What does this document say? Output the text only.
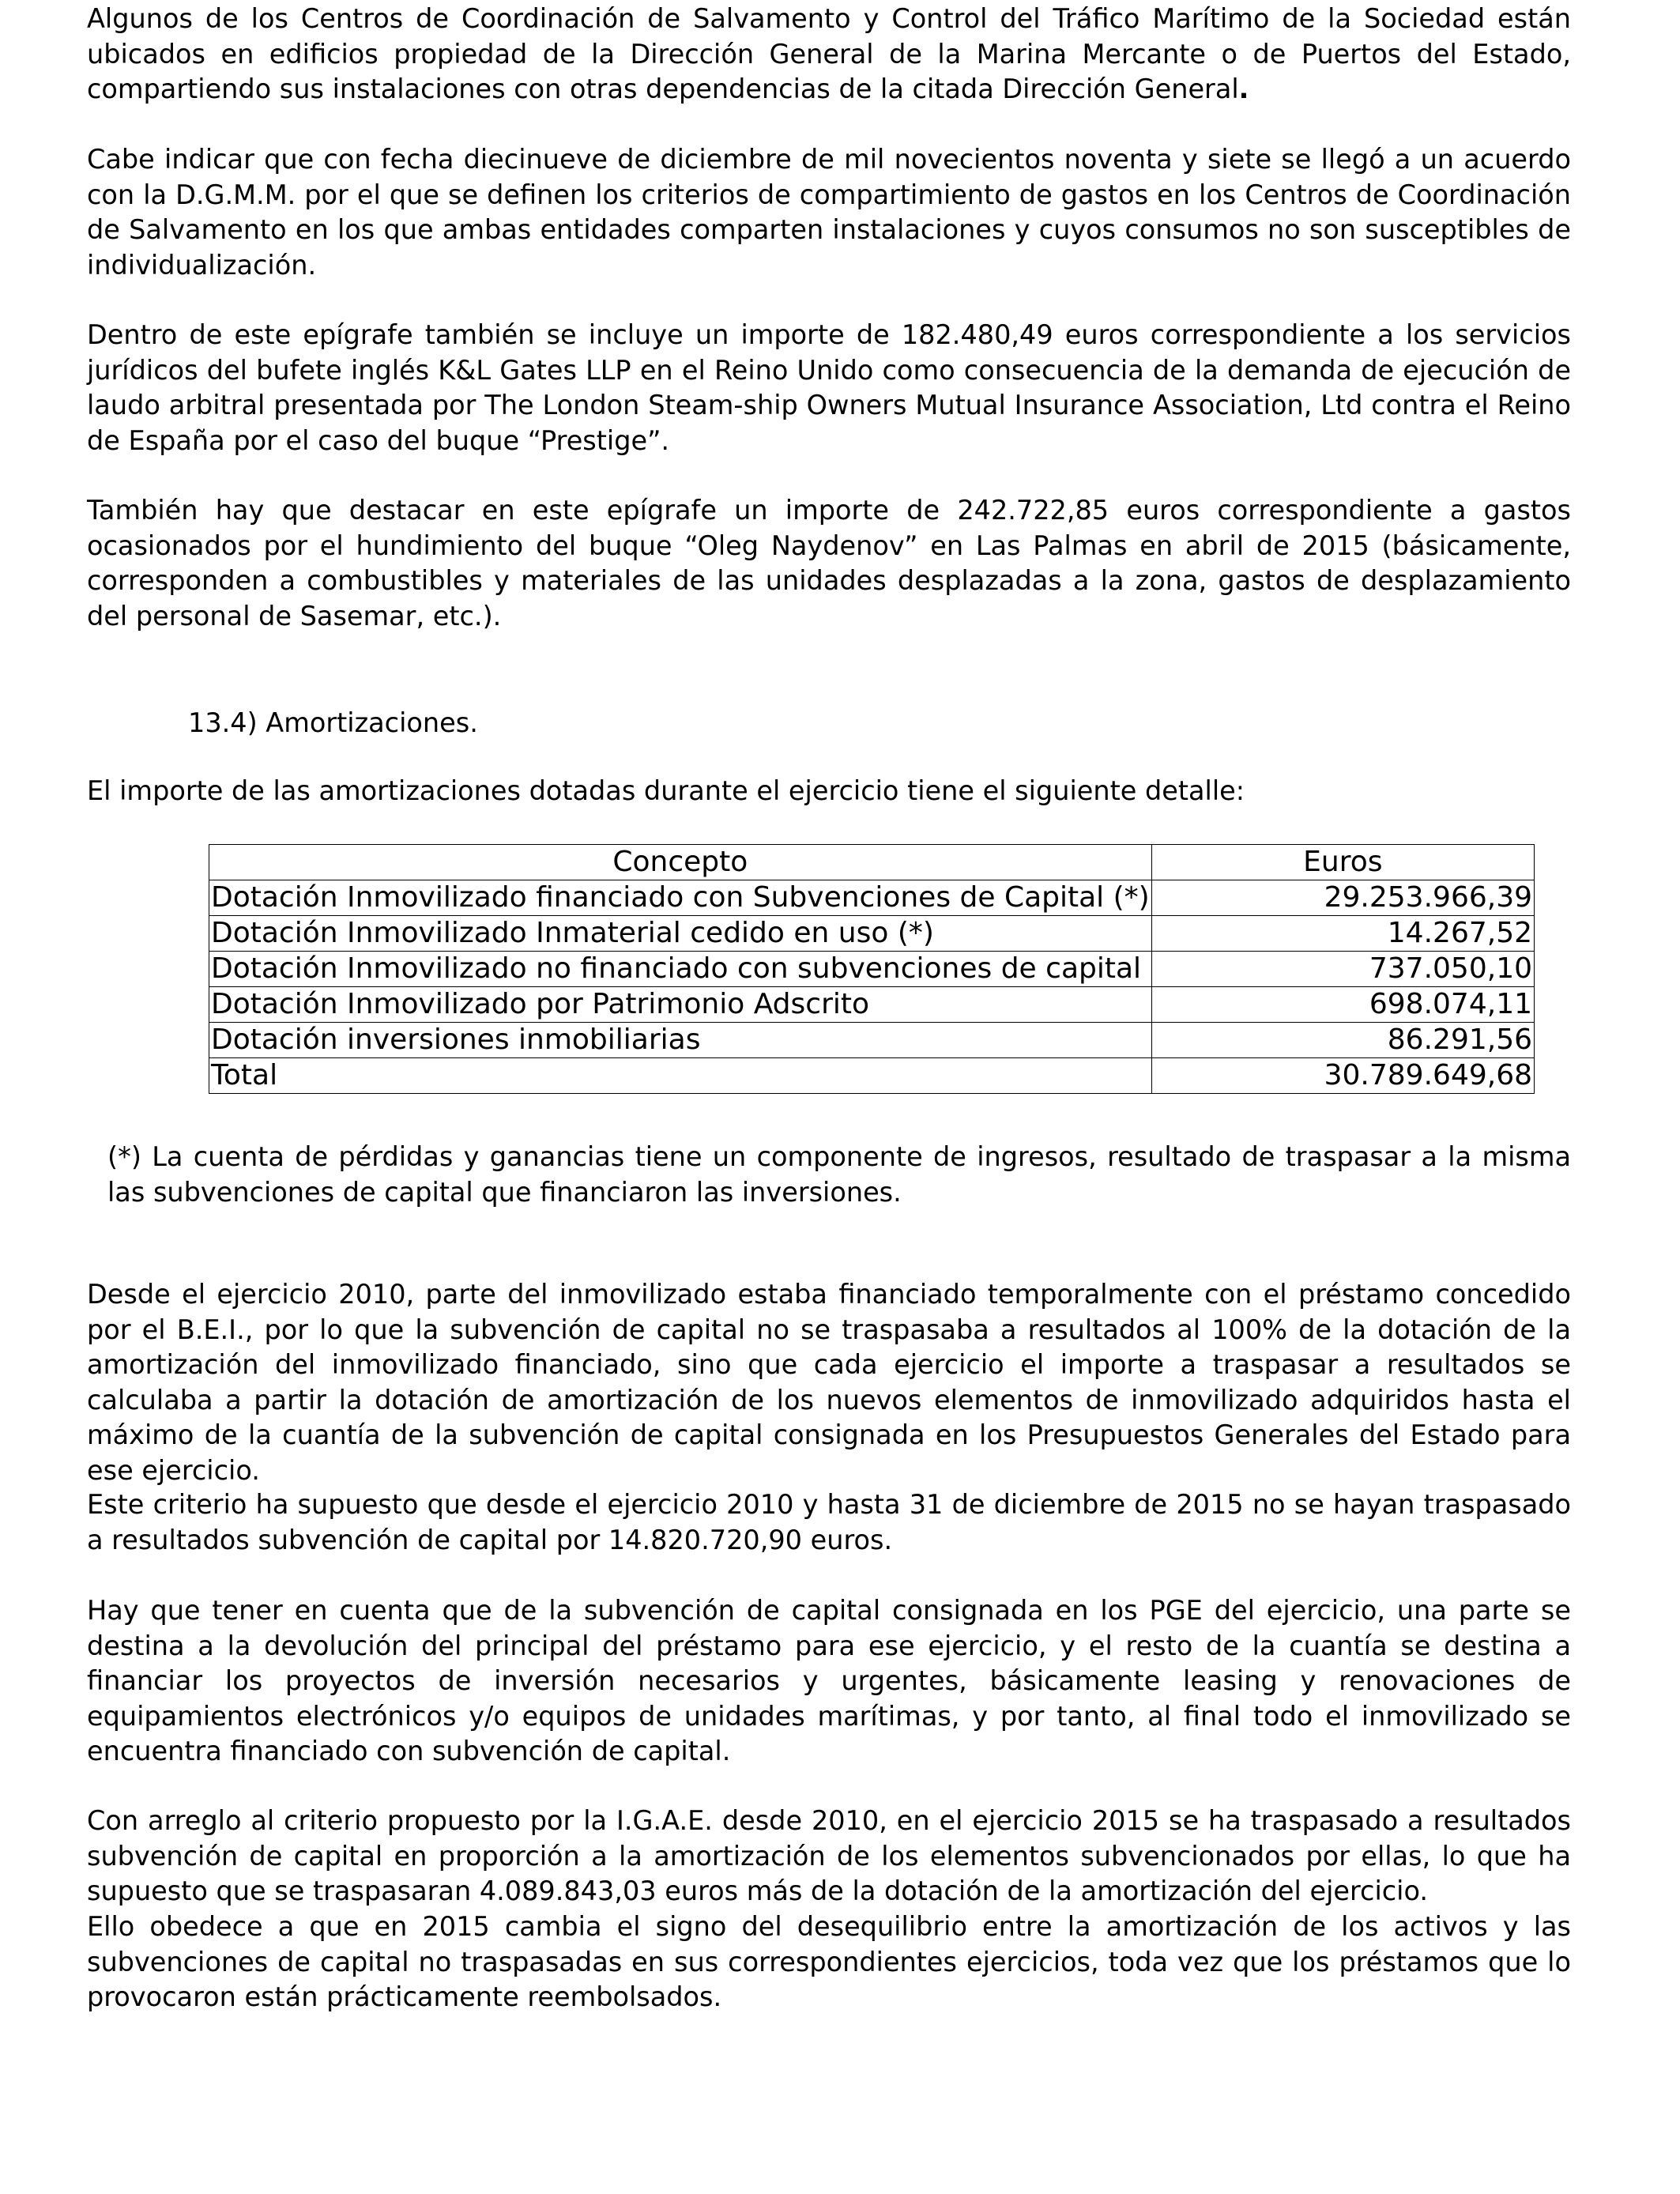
Algunos de los Centros de Coordinación de Salvamento y Control del Tráfico Marítimo de la Sociedad están ubicados en edificios propiedad de la Dirección General de la Marina Mercante o de Puertos del Estado, compartiendo sus instalaciones con otras dependencias de la citada Dirección General.

Cabe indicar que con fecha diecinueve de diciembre de mil novecientos noventa y siete se llegó a un acuerdo con la D.G.M.M. por el que se definen los criterios de compartimiento de gastos en los Centros de Coordinación de Salvamento en los que ambas entidades comparten instalaciones y cuyos consumos no son susceptibles de individualización.

Dentro de este epígrafe también se incluye un importe de 182.480,49 euros correspondiente a los servicios jurídicos del bufete inglés K&L Gates LLP en el Reino Unido como consecuencia de la demanda de ejecución de laudo arbitral presentada por The London Steam-ship Owners Mutual Insurance Association, Ltd contra el Reino de España por el caso del buque “Prestige”.

También hay que destacar en este epígrafe un importe de 242.722,85 euros correspondiente a gastos ocasionados por el hundimiento del buque “Oleg Naydenov” en Las Palmas en abril de 2015 (básicamente, corresponden a combustibles y materiales de las unidades desplazadas a la zona, gastos de desplazamiento del personal de Sasemar, etc.).

13.4) Amortizaciones.

El importe de las amortizaciones dotadas durante el ejercicio tiene el siguiente detalle:

Concepto	Euros
Dotación Inmovilizado financiado con Subvenciones de Capital (*)	29.253.966,39
Dotación Inmovilizado Inmaterial cedido en uso (*)	14.267,52
Dotación Inmovilizado no financiado con subvenciones de capital	737.050,10
Dotación Inmovilizado por Patrimonio Adscrito	698.074,11
Dotación inversiones inmobiliarias	86.291,56
Total	30.789.649,68

(*) La cuenta de pérdidas y ganancias tiene un componente de ingresos, resultado de traspasar a la misma las subvenciones de capital que financiaron las inversiones.

Desde el ejercicio 2010, parte del inmovilizado estaba financiado temporalmente con el préstamo concedido por el B.E.I., por lo que la subvención de capital no se traspasaba a resultados al 100% de la dotación de la amortización del inmovilizado financiado, sino que cada ejercicio el importe a traspasar a resultados se calculaba a partir la dotación de amortización de los nuevos elementos de inmovilizado adquiridos hasta el máximo de la cuantía de la subvención de capital consignada en los Presupuestos Generales del Estado para ese ejercicio.

Este criterio ha supuesto que desde el ejercicio 2010 y hasta 31 de diciembre de 2015 no se hayan traspasado a resultados subvención de capital por 14.820.720,90 euros.

Hay que tener en cuenta que de la subvención de capital consignada en los PGE del ejercicio, una parte se destina a la devolución del principal del préstamo para ese ejercicio, y el resto de la cuantía se destina a financiar los proyectos de inversión necesarios y urgentes, básicamente leasing y renovaciones de equipamientos electrónicos y/o equipos de unidades marítimas, y por tanto, al final todo el inmovilizado se encuentra financiado con subvención de capital.

Con arreglo al criterio propuesto por la I.G.A.E. desde 2010, en el ejercicio 2015 se ha traspasado a resultados subvención de capital en proporción a la amortización de los elementos subvencionados por ellas, lo que ha supuesto que se traspasaran 4.089.843,03 euros más de la dotación de la amortización del ejercicio.

Ello obedece a que en 2015 cambia el signo del desequilibrio entre la amortización de los activos y las subvenciones de capital no traspasadas en sus correspondientes ejercicios, toda vez que los préstamos que lo provocaron están prácticamente reembolsados.
